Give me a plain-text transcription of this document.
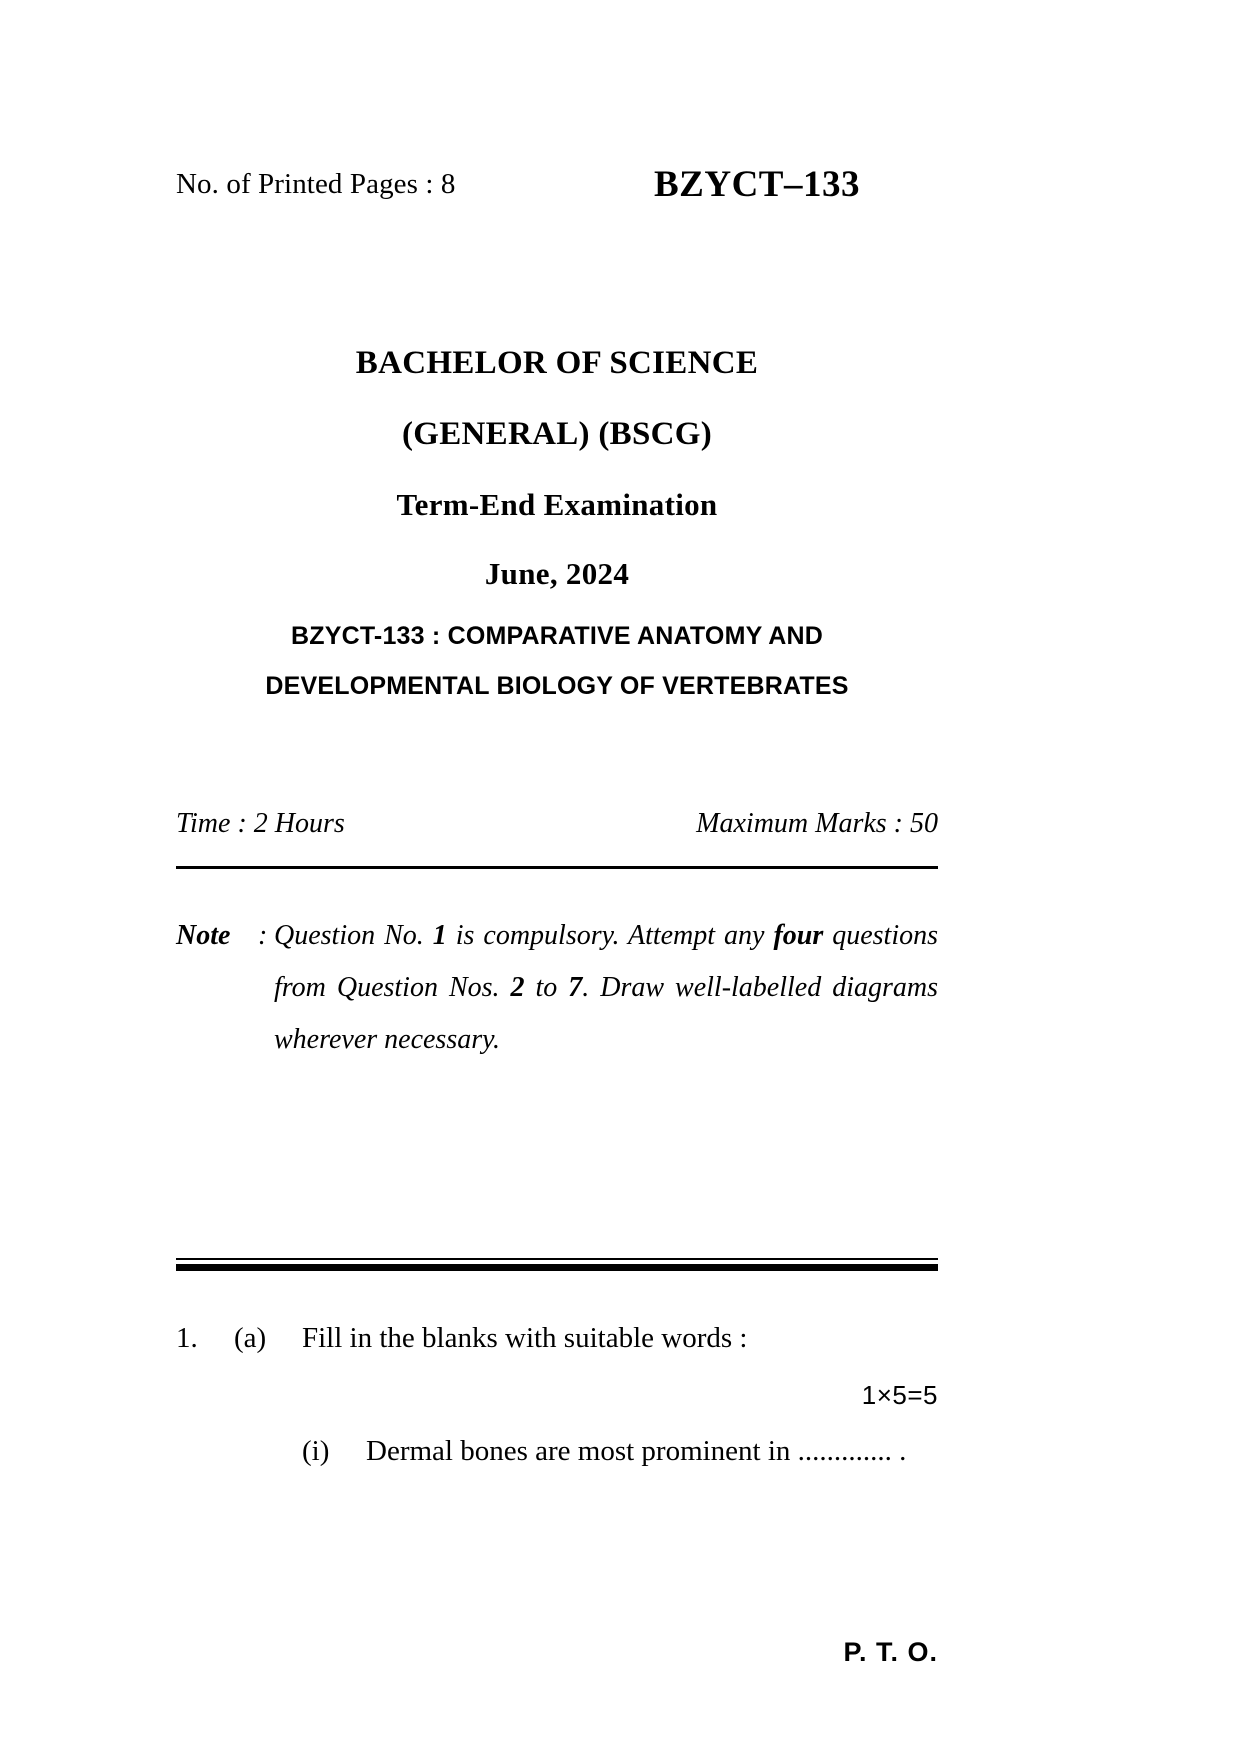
No. of Printed Pages : 8	BZYCT–133
BACHELOR OF SCIENCE
(GENERAL) (BSCG)
Term-End Examination
June, 2024
BZYCT-133 : COMPARATIVE ANATOMY AND
DEVELOPMENTAL BIOLOGY OF VERTEBRATES
Time : 2 Hours	Maximum Marks : 50
Note : Question No. 1 is compulsory. Attempt any four questions from Question Nos. 2 to 7. Draw well-labelled diagrams wherever necessary.

1.	(a)	Fill in the blanks with suitable words :
1×5=5
(i)	Dermal bones are most prominent in ............. .

P. T. O.
